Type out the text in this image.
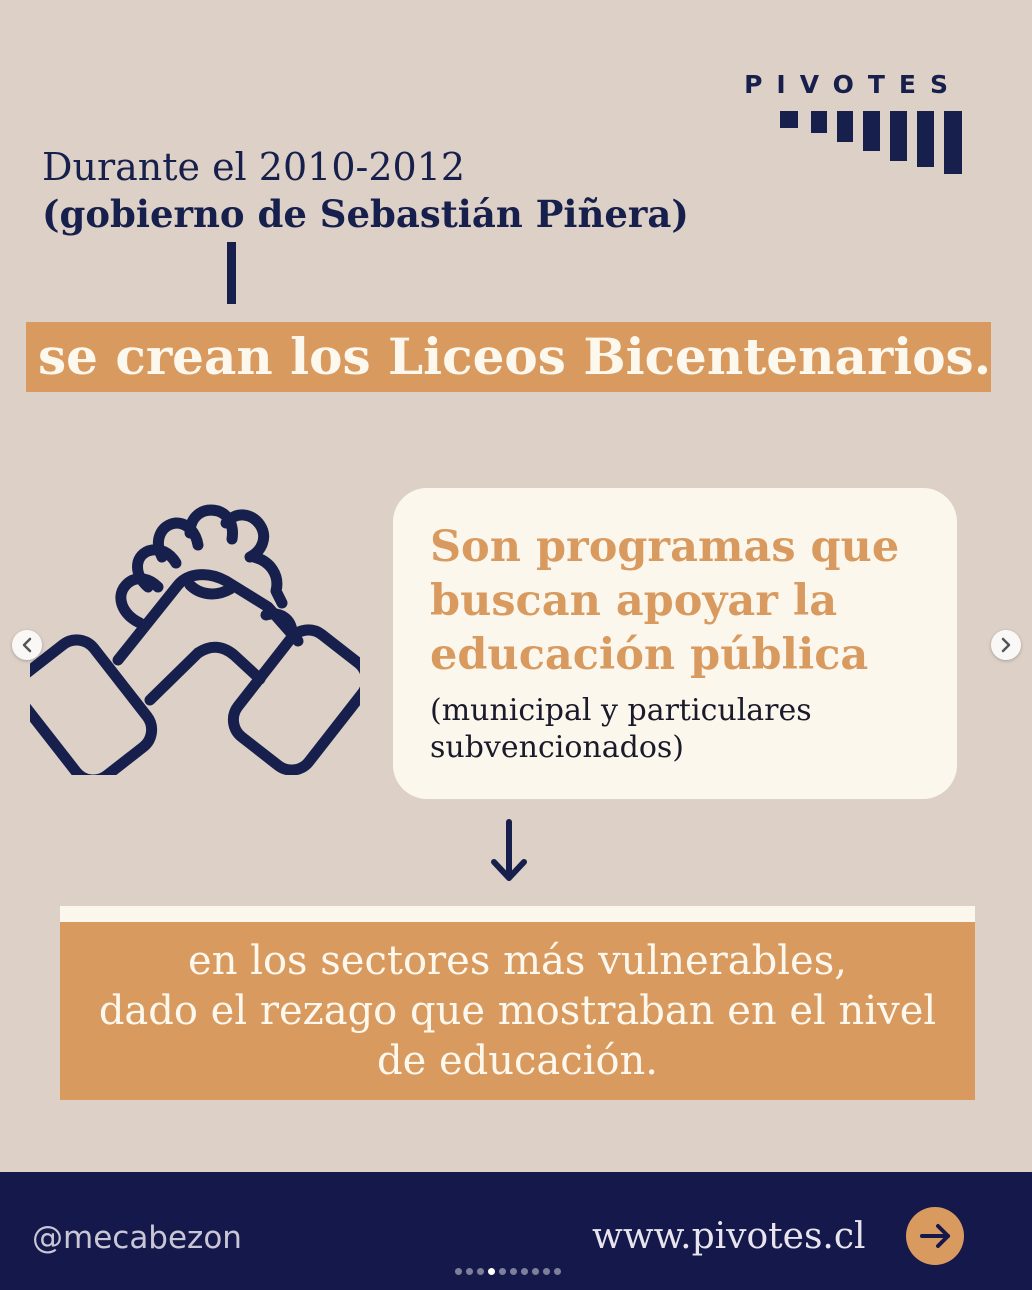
PIVOTES
Durante el 2010-2012
(gobierno de Sebastián Piñera)
se crean los Liceos Bicentenarios.
Son programas que buscan apoyar la educación pública
(municipal y particulares subvencionados)
en los sectores más vulnerables,
dado el rezago que mostraban en el nivel
de educación.
@mecabezon	www.pivotes.cl
